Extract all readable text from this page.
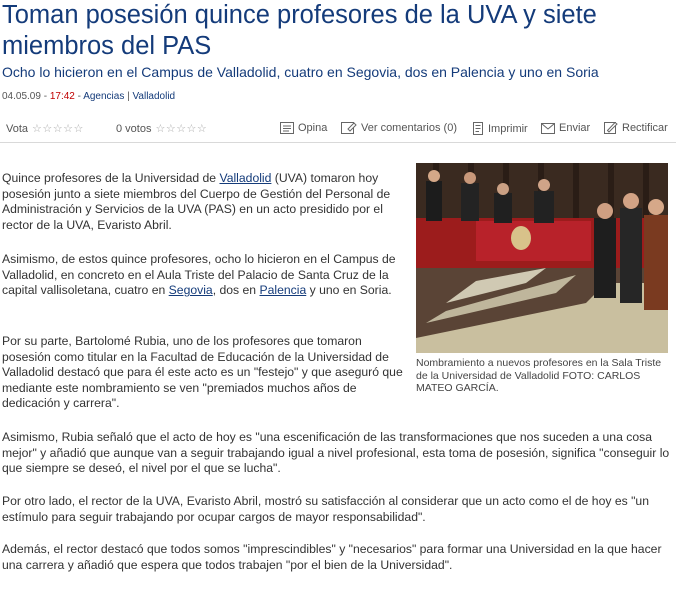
Toman posesión quince profesores de la UVA y siete miembros del PAS

Ocho lo hicieron en el Campus de Valladolid, cuatro en Segovia, dos en Palencia y uno en Soria

04.05.09 - 17:42 - Agencias | Valladolid
Vota ☆☆☆☆☆	0 votos ☆☆☆☆☆	Opina	Ver comentarios (0)	Imprimir	Enviar	Rectificar

Quince profesores de la Universidad de Valladolid (UVA) tomaron hoy posesión junto a siete miembros del Cuerpo de Gestión del Personal de Administración y Servicios de la UVA (PAS) en un acto presidido por el rector de la UVA, Evaristo Abril.

Asimismo, de estos quince profesores, ocho lo hicieron en el Campus de Valladolid, en concreto en el Aula Triste del Palacio de Santa Cruz de la capital vallisoletana, cuatro en Segovia, dos en Palencia y uno en Soria.

Por su parte, Bartolomé Rubia, uno de los profesores que tomaron posesión como titular en la Facultad de Educación de la Universidad de Valladolid destacó que para él este acto es un "festejo" y que aseguró que mediante este nombramiento se ven "premiados muchos años de dedicación y carrera".

Asimismo, Rubia señaló que el acto de hoy es "una escenificación de las transformaciones que nos suceden a una cosa mejor" y añadió que aunque van a seguir trabajando igual a nivel profesional, esta toma de posesión, significa "conseguir lo que siempre se deseó, el nivel por el que se lucha".

Por otro lado, el rector de la UVA, Evaristo Abril, mostró su satisfacción al considerar que un acto como el de hoy es "un estímulo para seguir trabajando por ocupar cargos de mayor responsabilidad".

Además, el rector destacó que todos somos "imprescindibles" y "necesarios" para formar una Universidad en la que hacer una carrera y añadió que espera que todos trabajen "por el bien de la Universidad".

Nombramiento a nuevos profesores en la Sala Triste de la Universidad de Valladolid FOTO: CARLOS MATEO GARCÍA.
